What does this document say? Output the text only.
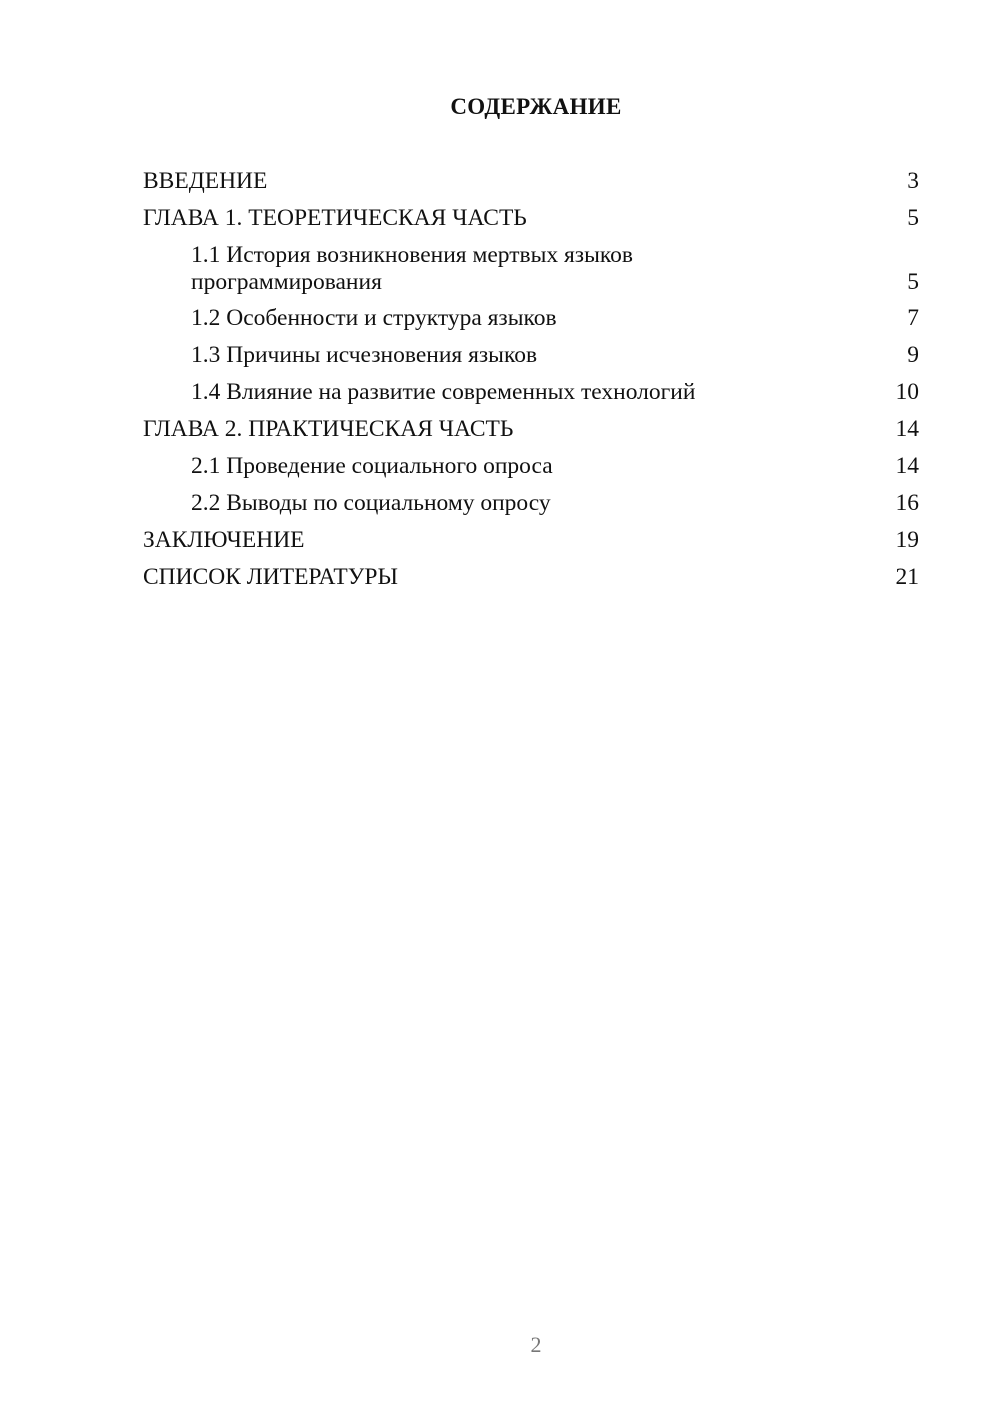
СОДЕРЖАНИЕ
ВВЕДЕНИЕ	3
ГЛАВА 1. ТЕОРЕТИЧЕСКАЯ ЧАСТЬ	5
1.1 История возникновения мертвых языков программирования	5
1.2 Особенности и структура языков	7
1.3 Причины исчезновения языков	9
1.4 Влияние на развитие современных технологий	10
ГЛАВА 2. ПРАКТИЧЕСКАЯ ЧАСТЬ	14
2.1 Проведение социального опроса	14
2.2 Выводы по социальному опросу	16
ЗАКЛЮЧЕНИЕ	19
СПИСОК ЛИТЕРАТУРЫ	21
2
